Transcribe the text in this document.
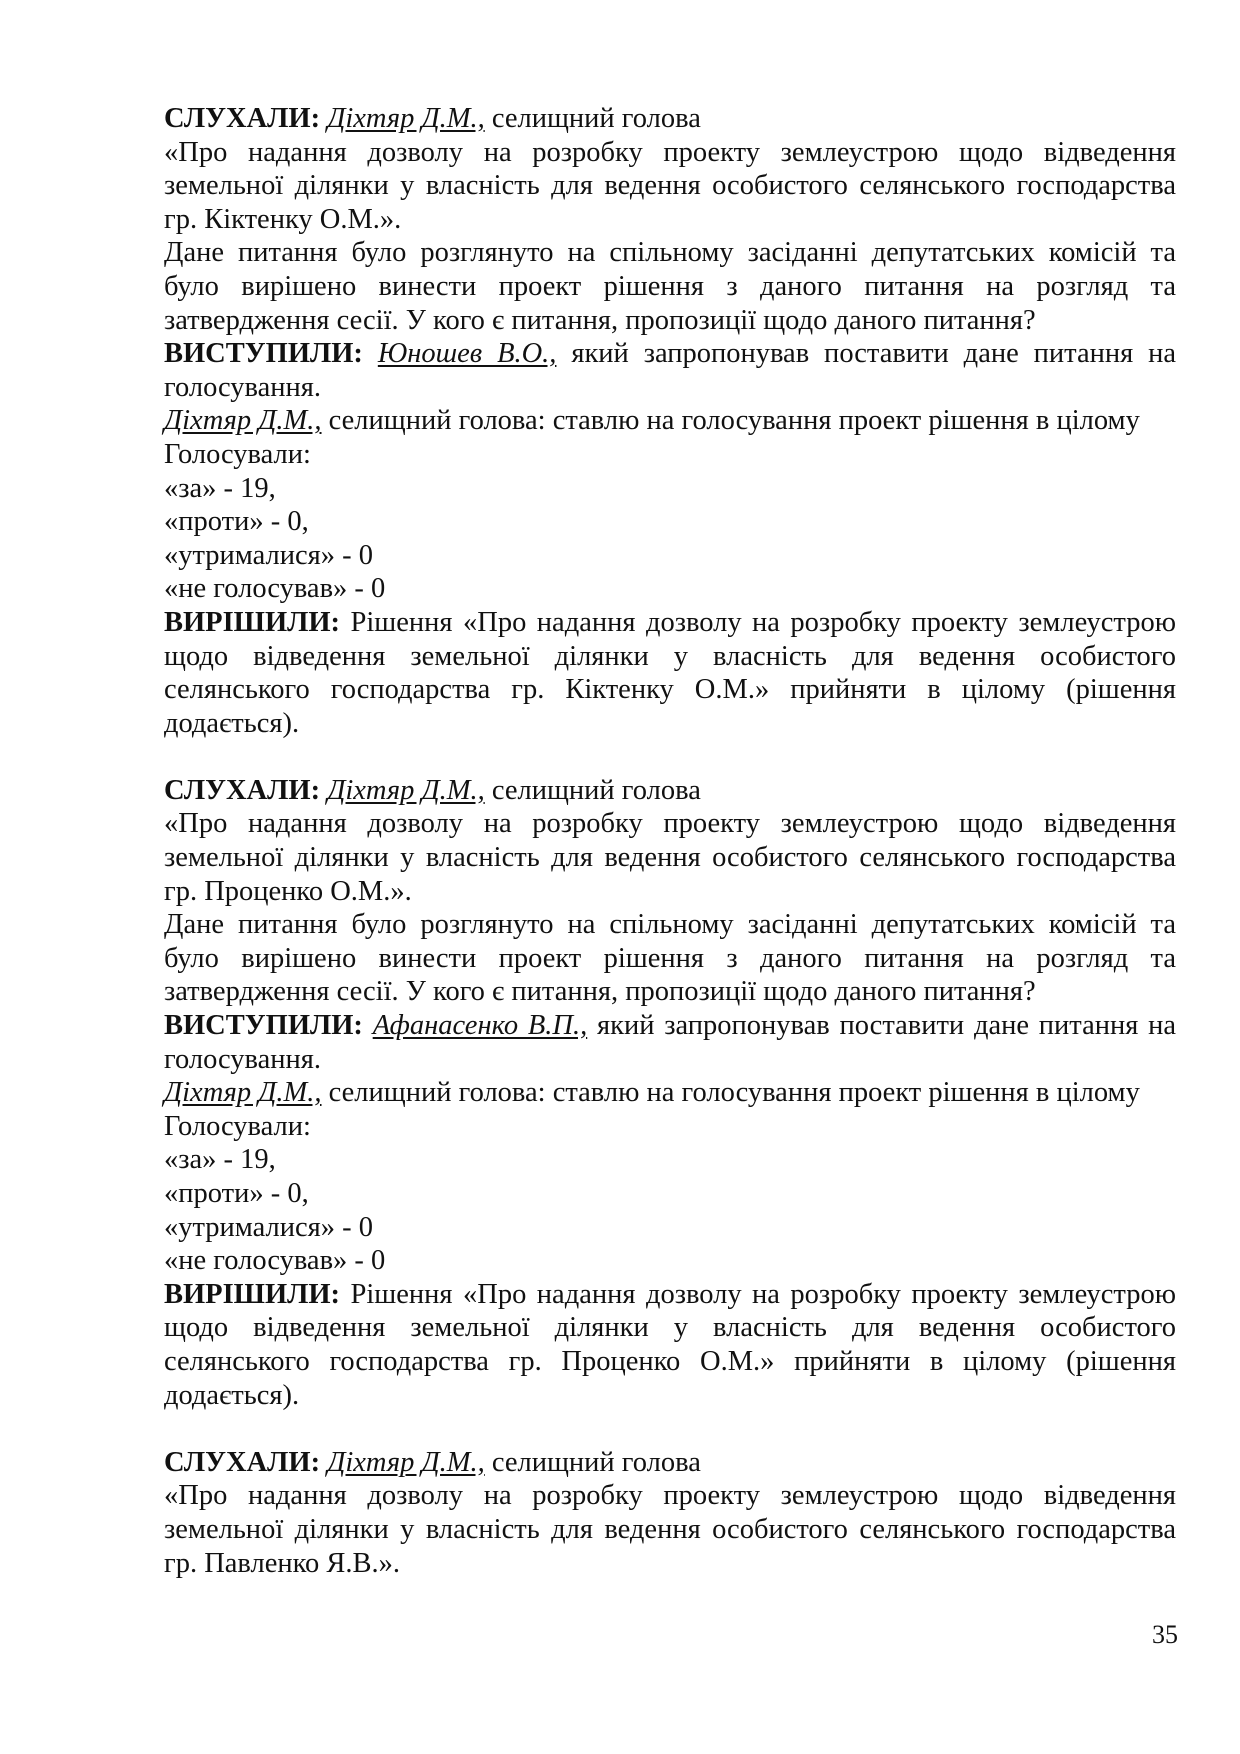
СЛУХАЛИ: Діхтяр Д.М., селищний голова

«Про надання дозволу на розробку проекту землеустрою щодо відведення земельної ділянки у власність для ведення особистого селянського господарства гр. Кіктенку О.М.».

Дане питання було розглянуто на спільному засіданні депутатських комісій та було вирішено винести проект рішення з даного питання на розгляд та затвердження сесії. У кого є питання, пропозиції щодо даного питання?

ВИСТУПИЛИ: Юношев В.О., який запропонував поставити дане питання на голосування.

Діхтяр Д.М., селищний голова: ставлю на голосування проект рішення в цілому

Голосували:

«за» - 19,

«проти» - 0,

«утрималися» - 0

«не голосував» - 0

ВИРІШИЛИ: Рішення «Про надання дозволу на розробку проекту землеустрою щодо відведення земельної ділянки у власність для ведення особистого селянського господарства гр. Кіктенку О.М.» прийняти в цілому (рішення додається).

СЛУХАЛИ: Діхтяр Д.М., селищний голова

«Про надання дозволу на розробку проекту землеустрою щодо відведення земельної ділянки у власність для ведення особистого селянського господарства гр. Проценко О.М.».

Дане питання було розглянуто на спільному засіданні депутатських комісій та було вирішено винести проект рішення з даного питання на розгляд та затвердження сесії. У кого є питання, пропозиції щодо даного питання?

ВИСТУПИЛИ: Афанасенко В.П., який запропонував поставити дане питання на голосування.

Діхтяр Д.М., селищний голова: ставлю на голосування проект рішення в цілому

Голосували:

«за» - 19,

«проти» - 0,

«утрималися» - 0

«не голосував» - 0

ВИРІШИЛИ: Рішення «Про надання дозволу на розробку проекту землеустрою щодо відведення земельної ділянки у власність для ведення особистого селянського господарства гр. Проценко О.М.» прийняти в цілому (рішення додається).

СЛУХАЛИ: Діхтяр Д.М., селищний голова

«Про надання дозволу на розробку проекту землеустрою щодо відведення земельної ділянки у власність для ведення особистого селянського господарства гр. Павленко Я.В.».

35
